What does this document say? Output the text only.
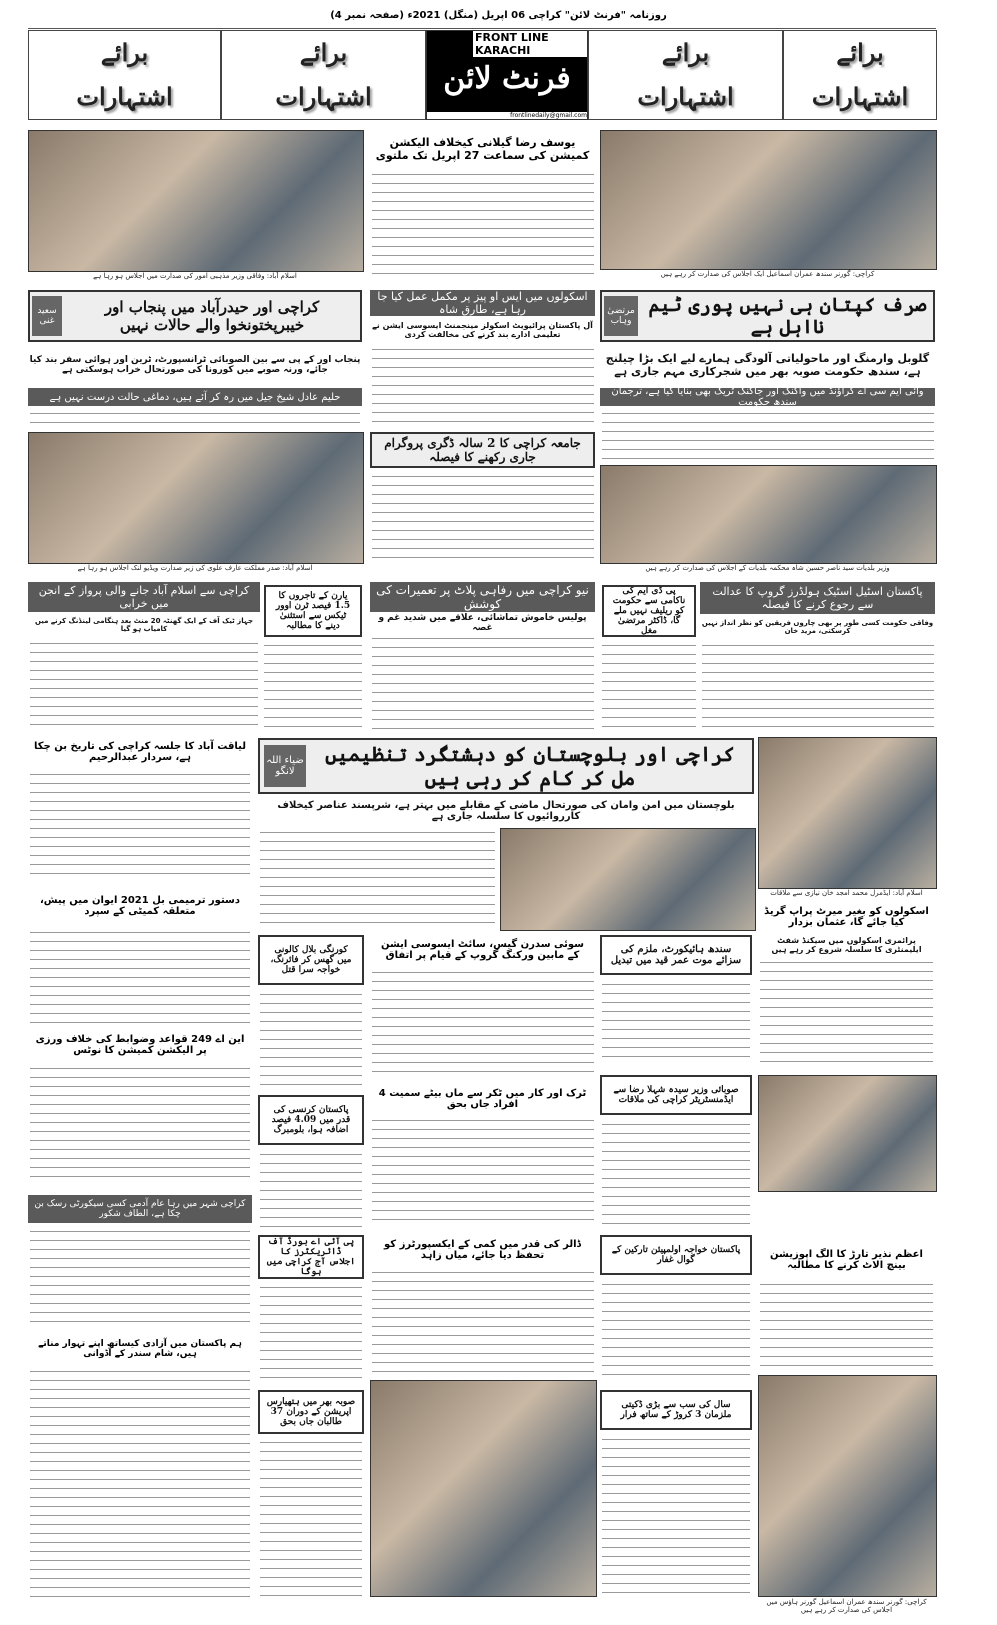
روزنامہ "فرنٹ لائن" کراچی 06 اپریل (منگل) 2021ء (صفحہ نمبر 4)
برائے
اشتہارات
برائے
اشتہارات
FRONT LINE KARACHI
فرنٹ لائن
frontlinedaily@gmail.com
برائے
اشتہارات
برائے
اشتہارات
کراچی: گورنر سندھ عمران اسماعیل ایک اجلاس کی صدارت کر رہے ہیں
اسلام آباد: وفاقی وزیر مذہبی امور کی صدارت میں اجلاس ہو رہا ہے
یوسف رضا گیلانی کیخلاف الیکشن کمیشن کی سماعت 27 اپریل تک ملتوی
صرف کپتان ہی نہیں پوری ٹیم نااہل ہے
مرتضیٰ وہاب
گلوبل وارمنگ اور ماحولیاتی آلودگی ہمارے لیے ایک بڑا چیلنج ہے، سندھ حکومت صوبہ بھر میں شجرکاری مہم جاری ہے
وائی ایم سی اے گراؤنڈ میں واکنگ اور جاگنگ ٹریک بھی بنایا گیا ہے، ترجمان سندھ حکومت
اسکولوں میں ایس او پیز پر مکمل عمل کیا جا رہا ہے، طارق شاہ
آل پاکستان پرائیویٹ اسکولز مینجمنٹ ایسوسی ایشن نے تعلیمی ادارے بند کرنے کی مخالفت کردی
کراچی اور حیدرآباد میں پنجاب اور خیبرپختونخوا والے حالات نہیں
سعید غنی
پنجاب اور کے پی سے بین الصوبائی ٹرانسپورٹ، ٹرین اور ہوائی سفر بند کیا جائے، ورنہ صوبے میں کورونا کی صورتحال خراب ہوسکتی ہے
حلیم عادل شیخ جیل میں رہ کر آئے ہیں، دماغی حالت درست نہیں ہے
اسلام آباد: صدر مملکت عارف علوی کی زیر صدارت ویڈیو لنک اجلاس ہو رہا ہے
جامعہ کراچی کا 2 سالہ ڈگری پروگرام جاری رکھنے کا فیصلہ
وزیر بلدیات سید ناصر حسین شاہ محکمہ بلدیات کے اجلاس کی صدارت کر رہے ہیں
پاکستان اسٹیل اسٹیک ہولڈرز گروپ کا عدالت سے رجوع کرنے کا فیصلہ
وفاقی حکومت کسی طور پر بھی چاروں فریقین کو نظر انداز نہیں کرسکتی، مرید خان
پی ڈی ایم کی ناکامی سے حکومت کو ریلیف نہیں ملے گا، ڈاکٹر مرتضیٰ مغل
نیو کراچی میں رفاہی پلاٹ پر تعمیرات کی کوشش
پولیس خاموش تماشائی، علاقے میں شدید غم و غصہ
یارن کے تاجروں کا 1.5 فیصد ٹرن اوور ٹیکس سے استثنیٰ دینے کا مطالبہ
کراچی سے اسلام آباد جانے والی پرواز کے انجن میں خرابی
جہاز ٹیک آف کے ایک گھنٹہ 20 منٹ بعد ہنگامی لینڈنگ کرنے میں کامیاب ہو گیا
اسلام آباد: ایڈمرل محمد امجد خان نیازی سے ملاقات
کراچی اور بلوچستان کو دہشتگرد تنظیمیں مل کر کام کر رہی ہیں
ضیاء اللہ لانگو
بلوچستان میں امن وامان کی صورتحال ماضی کے مقابلے میں بہتر ہے، شرپسند عناصر کیخلاف کارروائیوں کا سلسلہ جاری ہے
لیاقت آباد کا جلسہ کراچی کی تاریخ بن چکا ہے، سردار عبدالرحیم
اسکولوں کو بغیر میرٹ پراپ گریڈ کیا جائے گا، عثمان بزدار
پرائمری اسکولوں میں سیکنڈ شفٹ ایلیمنٹری کا سلسلہ شروع کر رہے ہیں
دستور ترمیمی بل 2021 ایوان میں پیش، متعلقہ کمیٹی کے سپرد
سندھ ہائیکورٹ، ملزم کی سزائے موت عمر قید میں تبدیل
سوئی سدرن گیس، سائٹ ایسوسی ایشن کے مابین ورکنگ گروپ کے قیام پر اتفاق
کورنگی بلال کالونی میں گھس کر فائرنگ، خواجہ سرا قتل
این اے 249 قواعد وضوابط کی خلاف ورزی پر الیکشن کمیشن کا نوٹس
صوبائی وزیر سیدہ شہلا رضا سے ایڈمنسٹریٹر کراچی کی ملاقات
ٹرک اور کار میں ٹکر سے ماں بیٹے سمیت 4 افراد جاں بحق
پاکستان کرنسی کی قدر میں 4.09 فیصد اضافہ ہوا، بلومبرگ
کراچی شہر میں رہا عام آدمی کسی سیکورٹی رسک بن چکا ہے، الطاف شکور
پی آئی اے بورڈ آف ڈائریکٹرز کا اجلاس آج کراچی میں ہوگا
ڈالر کی قدر میں کمی کے ایکسپورٹرز کو تحفظ دیا جائے، میاں زاہد	پاکستان خواجہ اولمپیئن تارکین کے گوال غفار	اعظم نذیر تارڑ کا الگ اپوزیشن بینچ الاٹ کرنے کا مطالبہ
ہم پاکستان میں آزادی کیساتھ اپنے تہوار مناتے ہیں، شام سندر کے آڈوانی
صوبہ بھر میں ہتھیارس اپریشن کے دوران 37 طالبان جاں بحق
سال کی سب سے بڑی ڈکیتی ملزمان 3 کروڑ کے ساتھ فرار
کراچی: گورنر سندھ عمران اسماعیل گورنر ہاؤس میں اجلاس کی صدارت کر رہے ہیں
